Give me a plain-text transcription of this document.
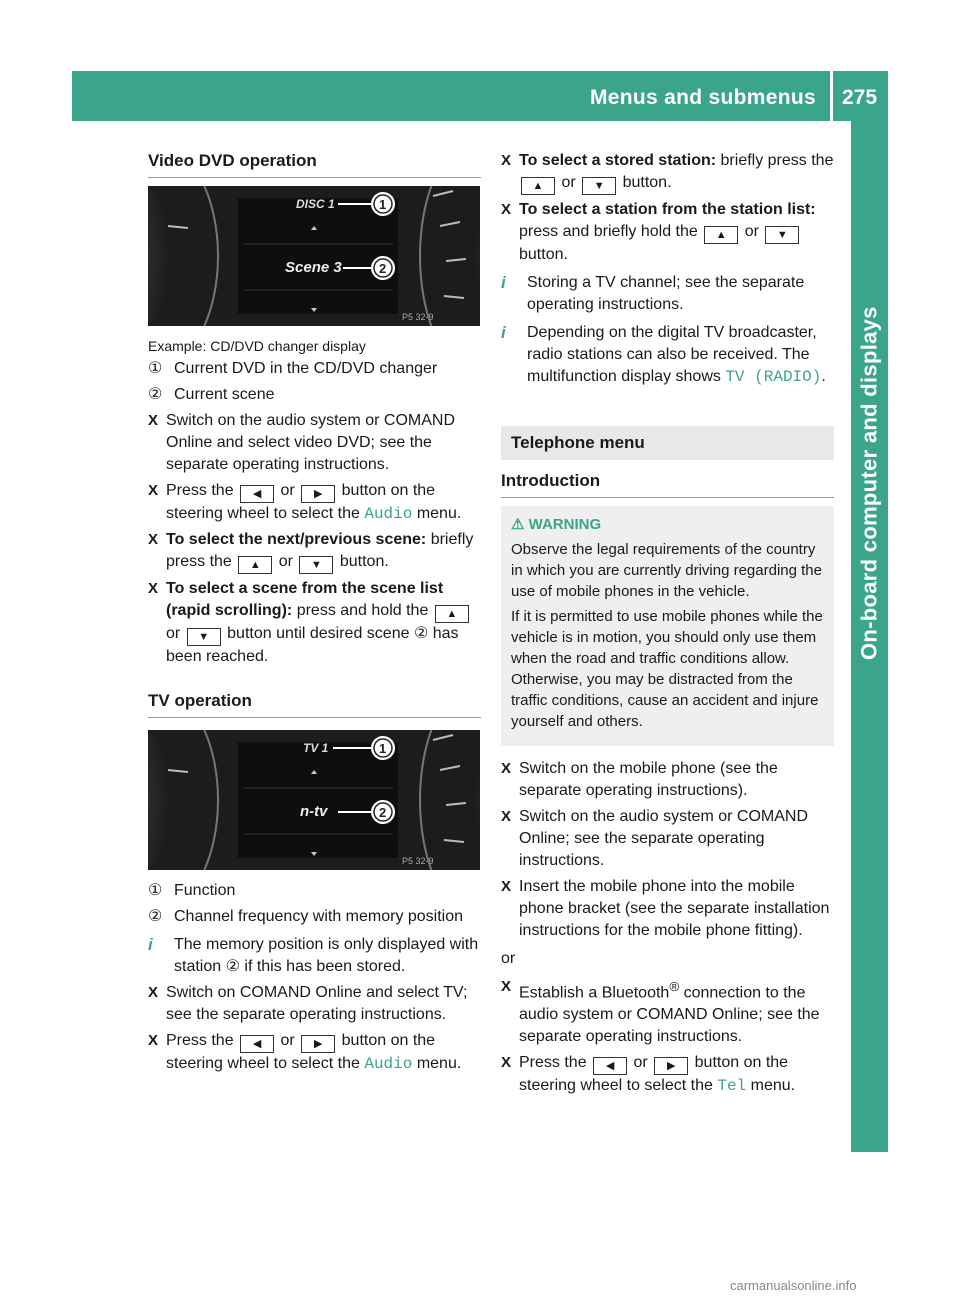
Menus and submenus 275
On-board computer and displays
Video DVD operation
DISC 1
Scene 3
1
2
P5 32-9
Example: CD/DVD changer display
① Current DVD in the CD/DVD changer
② Current scene
X Switch on the audio system or COMAND Online and select video DVD; see the separate operating instructions.
X Press the ◀ or ▶ button on the steering wheel to select the Audio menu.
X To select the next/previous scene: briefly press the ▲ or ▼ button.
X To select a scene from the scene list (rapid scrolling): press and hold the ▲ or ▼ button until desired scene ② has been reached.
TV operation
TV 1
n-tv
1
2
P5 32-9
① Function
② Channel frequency with memory position
i	The memory position is only displayed with station ② if this has been stored.
X Switch on COMAND Online and select TV; see the separate operating instructions.
X Press the ◀ or ▶ button on the steering wheel to select the Audio menu.
X To select a stored station: briefly press the ▲ or ▼ button.
X To select a station from the station list: press and briefly hold the ▲ or ▼ button.
i	Storing a TV channel; see the separate operating instructions.
i	Depending on the digital TV broadcaster, radio stations can also be received. The multifunction display shows TV (RADIO).
Telephone menu
Introduction
⚠ WARNING

Observe the legal requirements of the country in which you are currently driving regarding the use of mobile phones in the vehicle.

If it is permitted to use mobile phones while the vehicle is in motion, you should only use them when the road and traffic conditions allow. Otherwise, you may be distracted from the traffic conditions, cause an accident and injure yourself and others.

X Switch on the mobile phone (see the separate operating instructions).
X Switch on the audio system or COMAND Online; see the separate operating instructions.
X Insert the mobile phone into the mobile phone bracket (see the separate installation instructions for the mobile phone fitting).
or
X Establish a Bluetooth® connection to the audio system or COMAND Online; see the separate operating instructions.
X Press the ◀ or ▶ button on the steering wheel to select the Tel menu.
carmanualsonline.info
